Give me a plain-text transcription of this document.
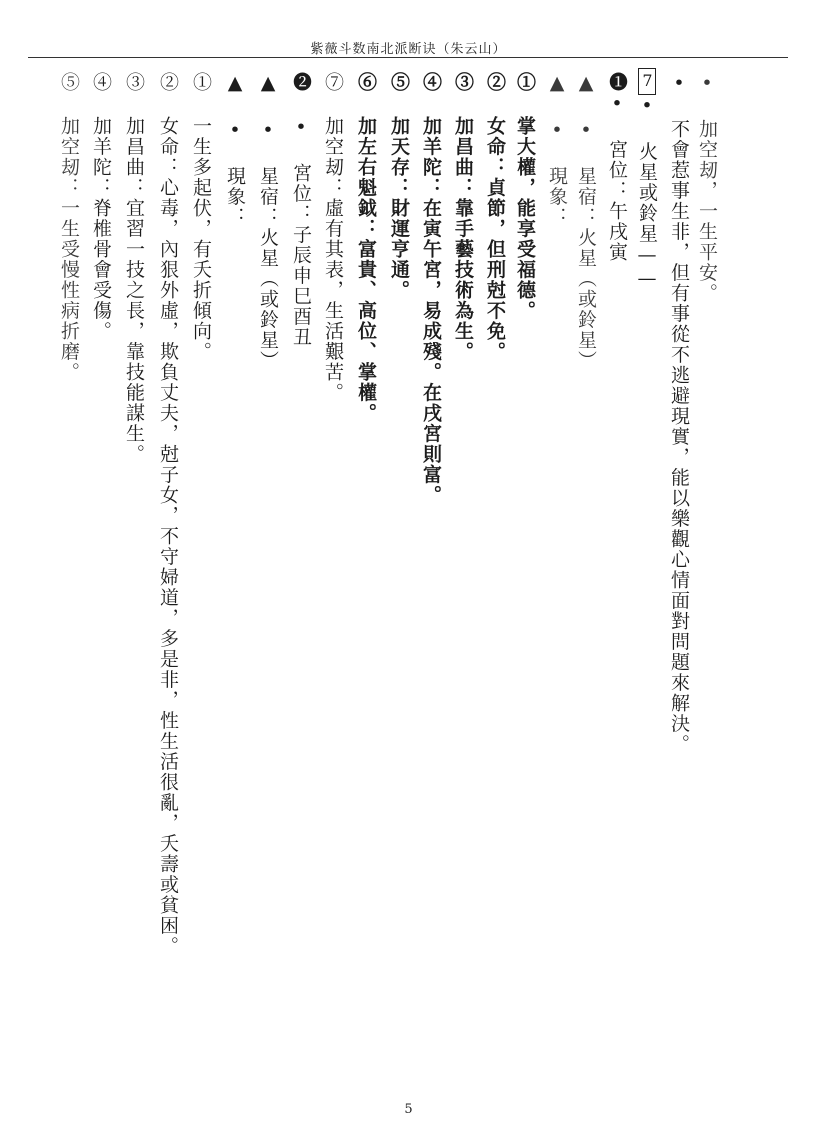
紫薇斗数南北派断诀（朱云山）
• 加空刼，一生平安。
• 不會惹事生非，但有事從不逃避現實，能以樂觀心情面對問題來解決。
7• 火星或鈴星——
❶• 宮位：午戌寅
▲ • 星宿：火星（或鈴星）
▲ • 現象：
① 掌大權，能享受福德。
② 女命：貞節，但刑尅不免。
③ 加昌曲：靠手藝技術為生。
④ 加羊陀：在寅午宮，易成殘。在戌宮則富。
⑤ 加天存：財運亨通。
⑥ 加左右魁鉞：富貴、高位、掌權。
⑦ 加空刼：虛有其表，生活艱苦。
❷ • 宮位：子辰申巳酉丑
▲ • 星宿：火星（或鈴星）
▲ • 現象：
① 一生多起伏，有夭折傾向。
② 女命：心毒，內狠外虛，欺負丈夫，尅子女，不守婦道，多是非，性生活很亂，夭壽或貧困。
③ 加昌曲：宜習一技之長，靠技能謀生。
④ 加羊陀：脊椎骨會受傷。
⑤ 加空刼：一生受慢性病折磨。
5
